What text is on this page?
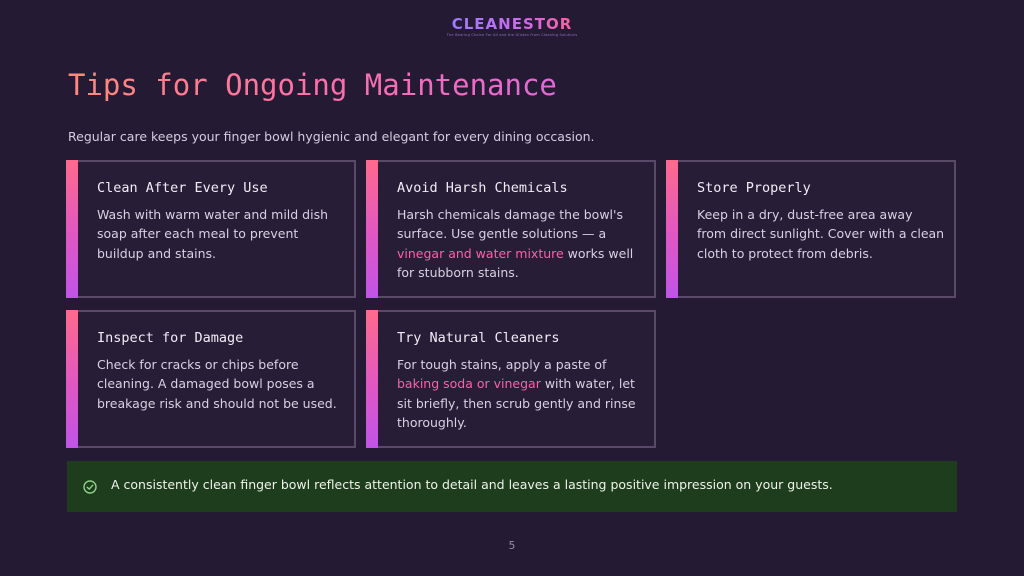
CLEANESTOR
The Bearing Choice For All and the Glisten From Cleaning Solutions
Tips for Ongoing Maintenance
Regular care keeps your finger bowl hygienic and elegant for every dining occasion.
Clean After Every Use
Wash with warm water and mild dish soap after each meal to prevent buildup and stains.
Avoid Harsh Chemicals
Harsh chemicals damage the bowl's surface. Use gentle solutions — a vinegar and water mixture works well for stubborn stains.
Store Properly
Keep in a dry, dust-free area away from direct sunlight. Cover with a clean cloth to protect from debris.
Inspect for Damage
Check for cracks or chips before cleaning. A damaged bowl poses a breakage risk and should not be used.
Try Natural Cleaners
For tough stains, apply a paste of baking soda or vinegar with water, let sit briefly, then scrub gently and rinse thoroughly.
A consistently clean finger bowl reflects attention to detail and leaves a lasting positive impression on your guests.
5
